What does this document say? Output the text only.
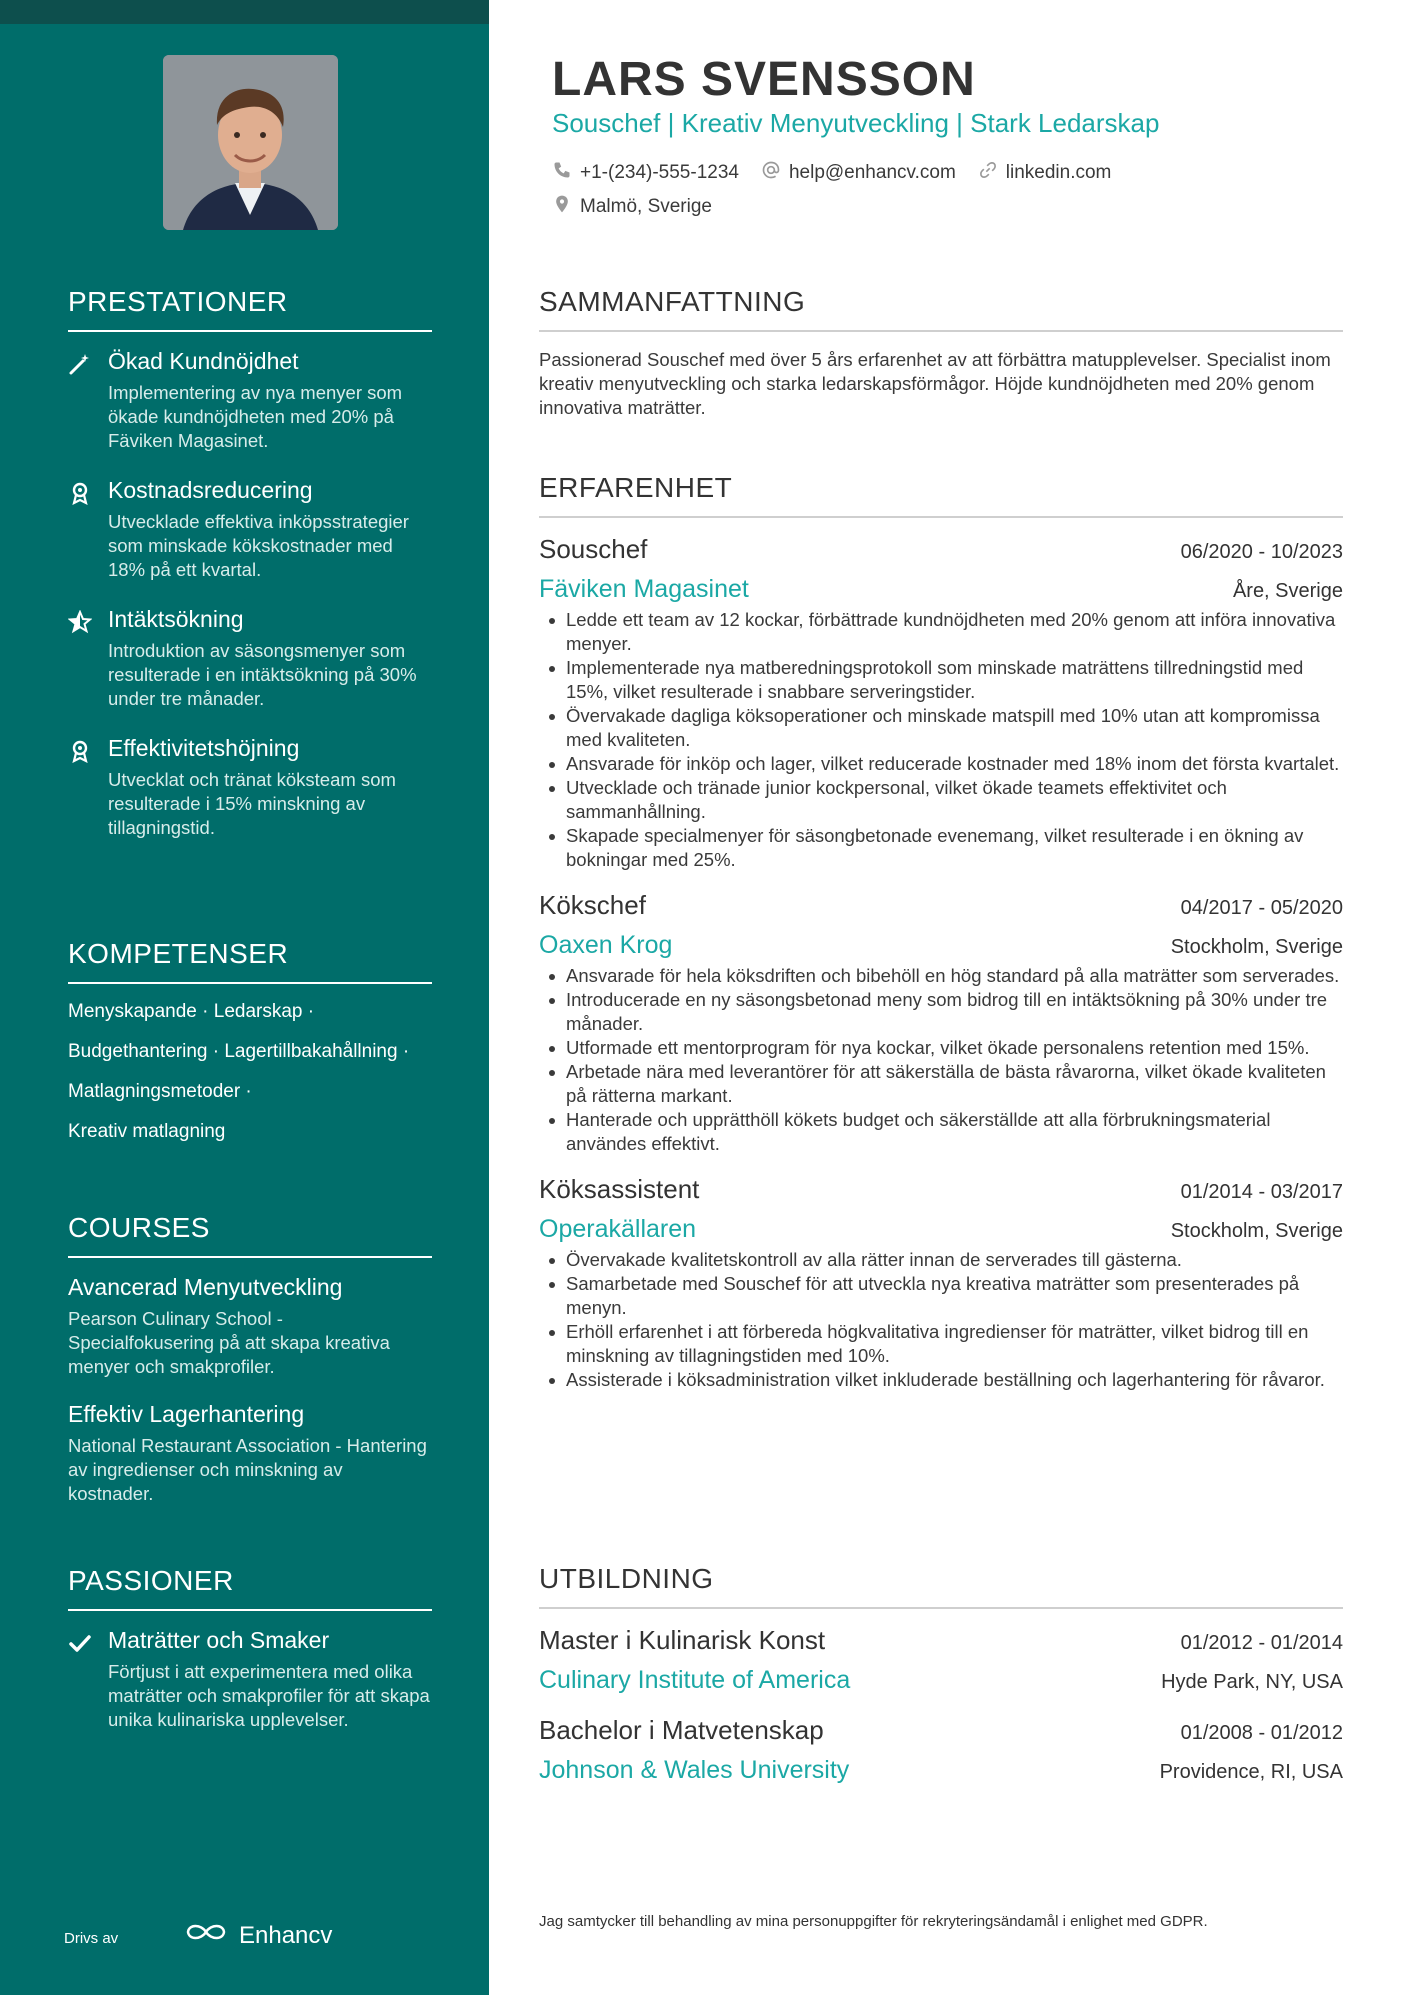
PRESTATIONER
Ökad Kundnöjdhet
Implementering av nya menyer som ökade kundnöjdheten med 20% på Fäviken Magasinet.
Kostnadsreducering
Utvecklade effektiva inköpsstrategier som minskade kökskostnader med 18% på ett kvartal.
Intäktsökning
Introduktion av säsongsmenyer som resulterade i en intäktsökning på 30% under tre månader.
Effektivitetshöjning
Utvecklat och tränat köksteam som resulterade i 15% minskning av tillagningstid.
KOMPETENSER
Menyskapande · Ledarskap ·
Budgethantering · Lagertillbakahållning ·
Matlagningsmetoder ·
Kreativ matlagning
COURSES
Avancerad Menyutveckling
Pearson Culinary School - Specialfokusering på att skapa kreativa menyer och smakprofiler.
Effektiv Lagerhantering
National Restaurant Association - Hantering av ingredienser och minskning av kostnader.
PASSIONER
Maträtter och Smaker
Förtjust i att experimentera med olika maträtter och smakprofiler för att skapa unika kulinariska upplevelser.
Drivs av	Enhancv
LARS SVENSSON
Souschef | Kreativ Menyutveckling | Stark Ledarskap
+1-(234)-555-1234	help@enhancv.com	linkedin.com
Malmö, Sverige
SAMMANFATTNING
Passionerad Souschef med över 5 års erfarenhet av att förbättra matupplevelser. Specialist inom kreativ menyutveckling och starka ledarskapsförmågor. Höjde kundnöjdheten med 20% genom innovativa maträtter.
ERFARENHET
Souschef	06/2020 - 10/2023
Fäviken Magasinet	Åre, Sverige
Ledde ett team av 12 kockar, förbättrade kundnöjdheten med 20% genom att införa innovativa menyer.
Implementerade nya matberedningsprotokoll som minskade maträttens tillredningstid med 15%, vilket resulterade i snabbare serveringstider.
Övervakade dagliga köksoperationer och minskade matspill med 10% utan att kompromissa med kvaliteten.
Ansvarade för inköp och lager, vilket reducerade kostnader med 18% inom det första kvartalet.
Utvecklade och tränade junior kockpersonal, vilket ökade teamets effektivitet och sammanhållning.
Skapade specialmenyer för säsongbetonade evenemang, vilket resulterade i en ökning av bokningar med 25%.
Kökschef	04/2017 - 05/2020
Oaxen Krog	Stockholm, Sverige
Ansvarade för hela köksdriften och bibehöll en hög standard på alla maträtter som serverades.
Introducerade en ny säsongsbetonad meny som bidrog till en intäktsökning på 30% under tre månader.
Utformade ett mentorprogram för nya kockar, vilket ökade personalens retention med 15%.
Arbetade nära med leverantörer för att säkerställa de bästa råvarorna, vilket ökade kvaliteten på rätterna markant.
Hanterade och upprätthöll kökets budget och säkerställde att alla förbrukningsmaterial användes effektivt.
Köksassistent	01/2014 - 03/2017
Operakällaren	Stockholm, Sverige
Övervakade kvalitetskontroll av alla rätter innan de serverades till gästerna.
Samarbetade med Souschef för att utveckla nya kreativa maträtter som presenterades på menyn.
Erhöll erfarenhet i att förbereda högkvalitativa ingredienser för maträtter, vilket bidrog till en minskning av tillagningstiden med 10%.
Assisterade i köksadministration vilket inkluderade beställning och lagerhantering för råvaror.
UTBILDNING
Master i Kulinarisk Konst	01/2012 - 01/2014
Culinary Institute of America	Hyde Park, NY, USA
Bachelor i Matvetenskap	01/2008 - 01/2012
Johnson & Wales University	Providence, RI, USA
Jag samtycker till behandling av mina personuppgifter för rekryteringsändamål i enlighet med GDPR.
